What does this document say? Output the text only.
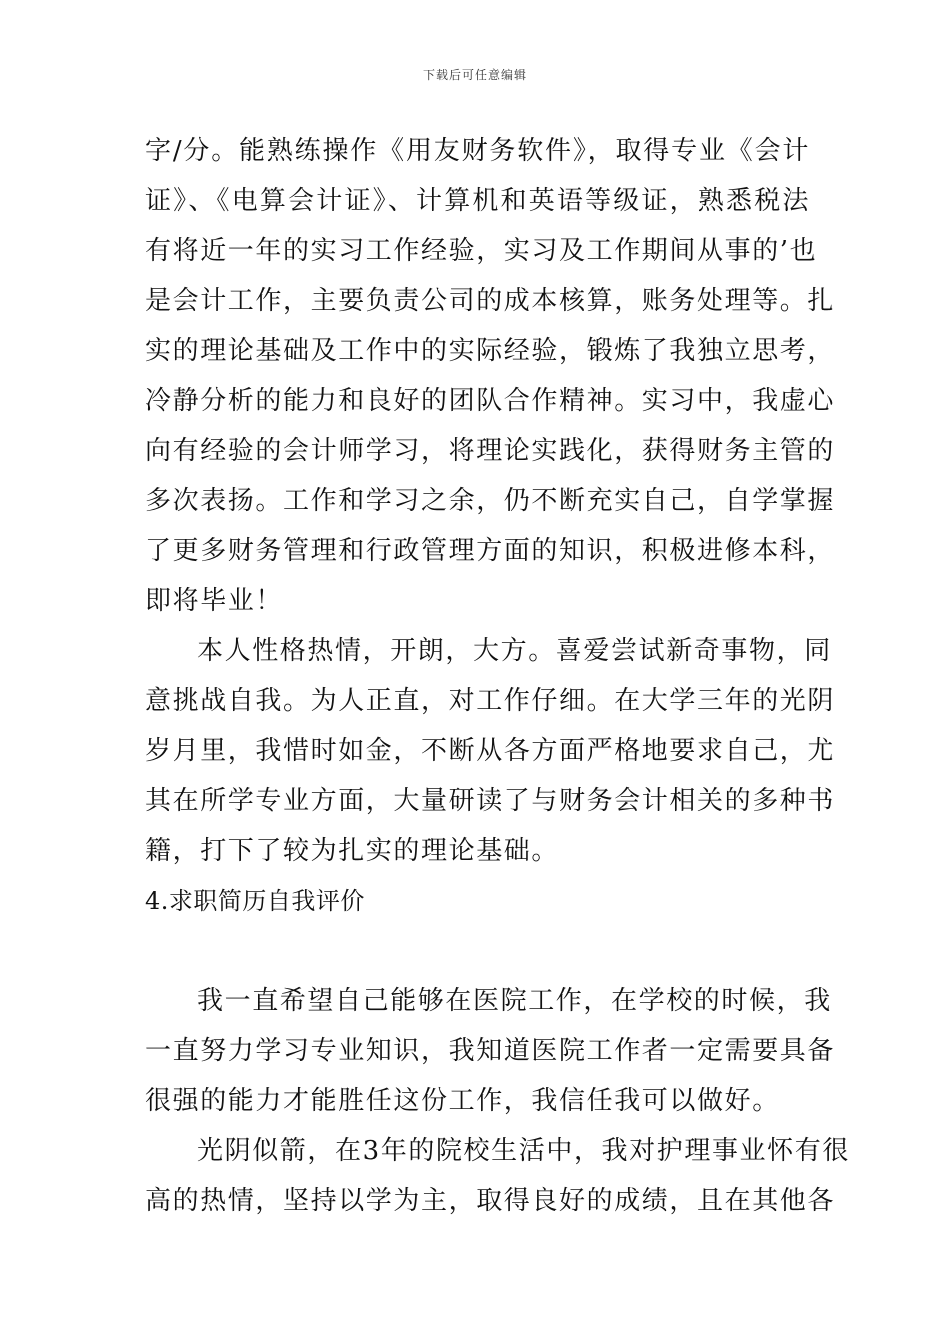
下载后可任意编辑
字/分。能熟练操作《用友财务软件》，取得专业《会计
证》、《电算会计证》、计算机和英语等级证，熟悉税法
有将近一年的实习工作经验，实习及工作期间从事的’也
是会计工作，主要负责公司的成本核算，账务处理等。扎
实的理论基础及工作中的实际经验，锻炼了我独立思考，
冷静分析的能力和良好的团队合作精神。实习中，我虚心
向有经验的会计师学习，将理论实践化，获得财务主管的
多次表扬。工作和学习之余，仍不断充实自己，自学掌握
了更多财务管理和行政管理方面的知识，积极进修本科，
即将毕业！
本人性格热情，开朗，大方。喜爱尝试新奇事物，同
意挑战自我。为人正直，对工作仔细。在大学三年的光阴
岁月里，我惜时如金，不断从各方面严格地要求自己，尤
其在所学专业方面，大量研读了与财务会计相关的多种书
籍，打下了较为扎实的理论基础。
4.求职简历自我评价
我一直希望自己能够在医院工作，在学校的时候，我
一直努力学习专业知识，我知道医院工作者一定需要具备
很强的能力才能胜任这份工作，我信任我可以做好。
光阴似箭，在3年的院校生活中，我对护理事业怀有很
高的热情，坚持以学为主，取得良好的成绩，且在其他各
